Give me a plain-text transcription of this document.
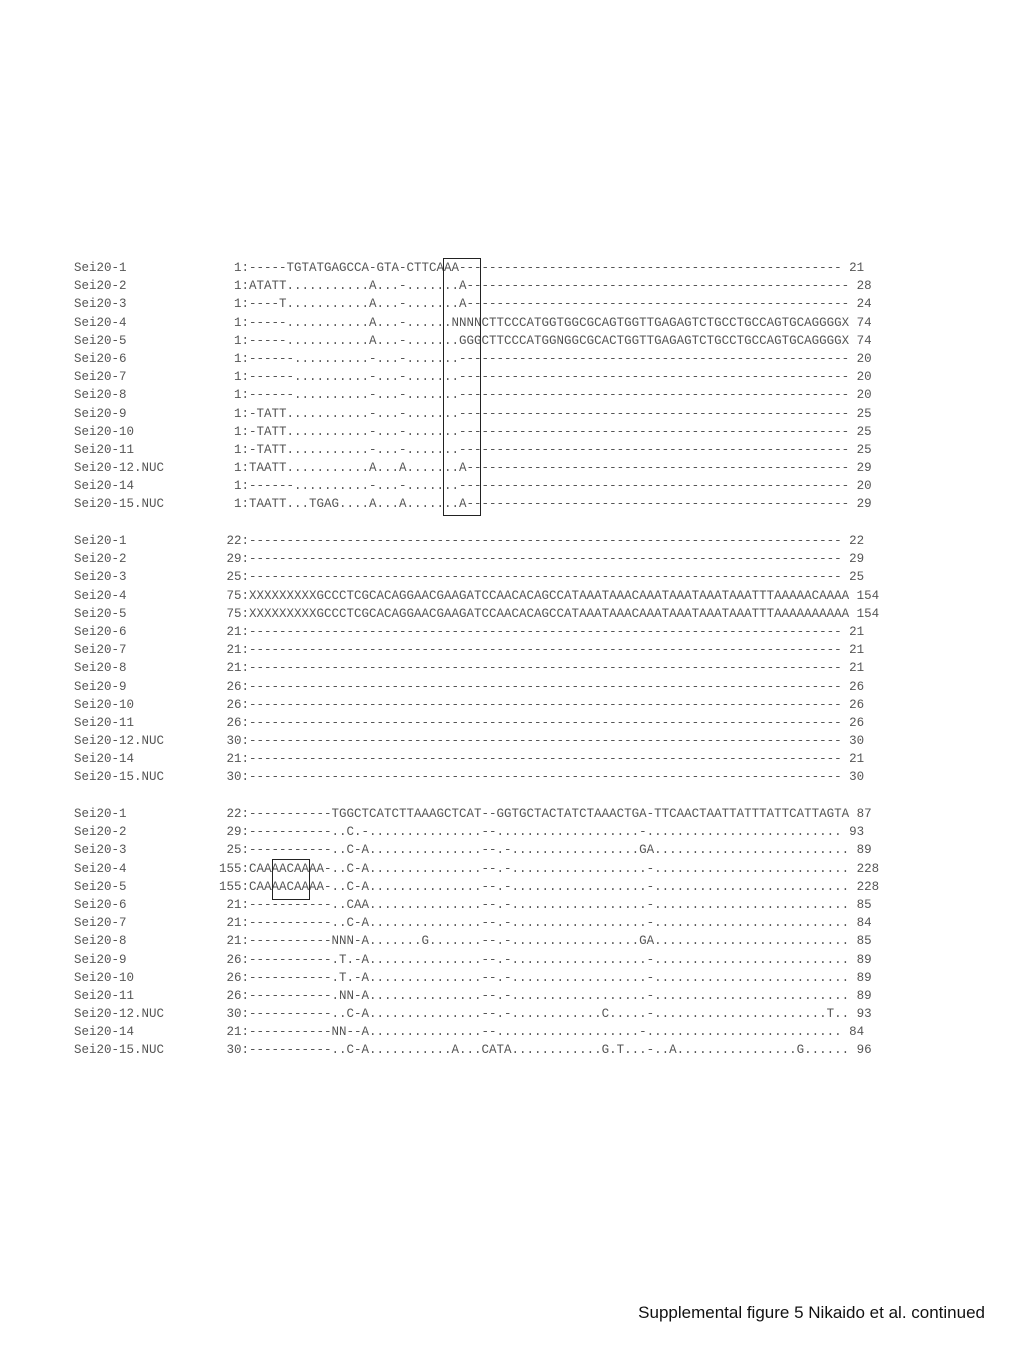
Sei20-1	1:-----TGTATGAGCCA-GTA-CTTCAAA--------------------------------------------------- 21
Sei20-2	1:ATATT...........A...-.......A--------------------------------------------------- 28
Sei20-3	1:----T...........A...-.......A--------------------------------------------------- 24
Sei20-4	1:-----...........A...-......NNNNCTTCCCATGGTGGCGCAGTGGTTGAGAGTCTGCCTGCCAGTGCAGGGGX 74
Sei20-5	1:-----...........A...-.......GGGCTTCCCATGGNGGCGCACTGGTTGAGAGTCTGCCTGCCAGTGCAGGGGX 74
Sei20-6	1:------..........-...-.......---------------------------------------------------- 20
Sei20-7	1:------..........-...-.......---------------------------------------------------- 20
Sei20-8	1:------..........-...-.......---------------------------------------------------- 20
Sei20-9	1:-TATT...........-...-.......---------------------------------------------------- 25
Sei20-10	1:-TATT...........-...-.......---------------------------------------------------- 25
Sei20-11	1:-TATT...........-...-.......---------------------------------------------------- 25
Sei20-12.NUC      1:TAATT...........A...A.......A--------------------------------------------------- 29
Sei20-14	1:------..........-...-.......---------------------------------------------------- 20
Sei20-15.NUC      1:TAATT...TGAG....A...A.......A--------------------------------------------------- 29
Sei20-1	22:------------------------------------------------------------------------------- 22
Sei20-2	29:------------------------------------------------------------------------------- 29
Sei20-3	25:------------------------------------------------------------------------------- 25
Sei20-4	75:XXXXXXXXXGCCCTCGCACAGGAACGAAGATCCAACACAGCCATAAATAAACAAATAAATAAATAAATTTAAAAACAAAA 154
Sei20-5	75:XXXXXXXXXGCCCTCGCACAGGAACGAAGATCCAACACAGCCATAAATAAACAAATAAATAAATAAATTTAAAAAAAAAA 154
Sei20-6	21:------------------------------------------------------------------------------- 21
Sei20-7	21:------------------------------------------------------------------------------- 21
Sei20-8	21:------------------------------------------------------------------------------- 21
Sei20-9	26:------------------------------------------------------------------------------- 26
Sei20-10	26:------------------------------------------------------------------------------- 26
Sei20-11	26:------------------------------------------------------------------------------- 26
Sei20-12.NUC     30:------------------------------------------------------------------------------- 30
Sei20-14	21:------------------------------------------------------------------------------- 21
Sei20-15.NUC     30:------------------------------------------------------------------------------- 30
Sei20-1	22:-----------TGGCTCATCTTAAAGCTCAT--GGTGCTACTATCTAAACTGA-TTCAACTAATTATTTATTCATTAGTA 87
Sei20-2	29:-----------..C.-...............--...................-.......................... 93
Sei20-3	25:-----------..C-A...............--.-.................GA.......................... 89
Sei20-4	155:CAAAACAAAA-..C-A...............--.-..................-.......................... 228
Sei20-5	155:CAAAACAAAA-..C-A...............--.-..................-.......................... 228
Sei20-6	21:-----------..CAA...............--.-..................-.......................... 85
Sei20-7	21:-----------..C-A...............--.-..................-.......................... 84
Sei20-8	21:-----------NNN-A.......G.......--.-.................GA.......................... 85
Sei20-9	26:-----------.T.-A...............--.-..................-.......................... 89
Sei20-10	26:-----------.T.-A...............--.-..................-.......................... 89
Sei20-11	26:-----------.NN-A...............--.-..................-.......................... 89
Sei20-12.NUC     30:-----------..C-A...............--.-............C.....-.......................T.. 93
Sei20-14	21:-----------NN--A...............--...................-.......................... 84
Sei20-15.NUC     30:-----------..C-A...........A...CATA............G.T...-..A................G...... 96
Supplemental figure 5 Nikaido et al. continued
